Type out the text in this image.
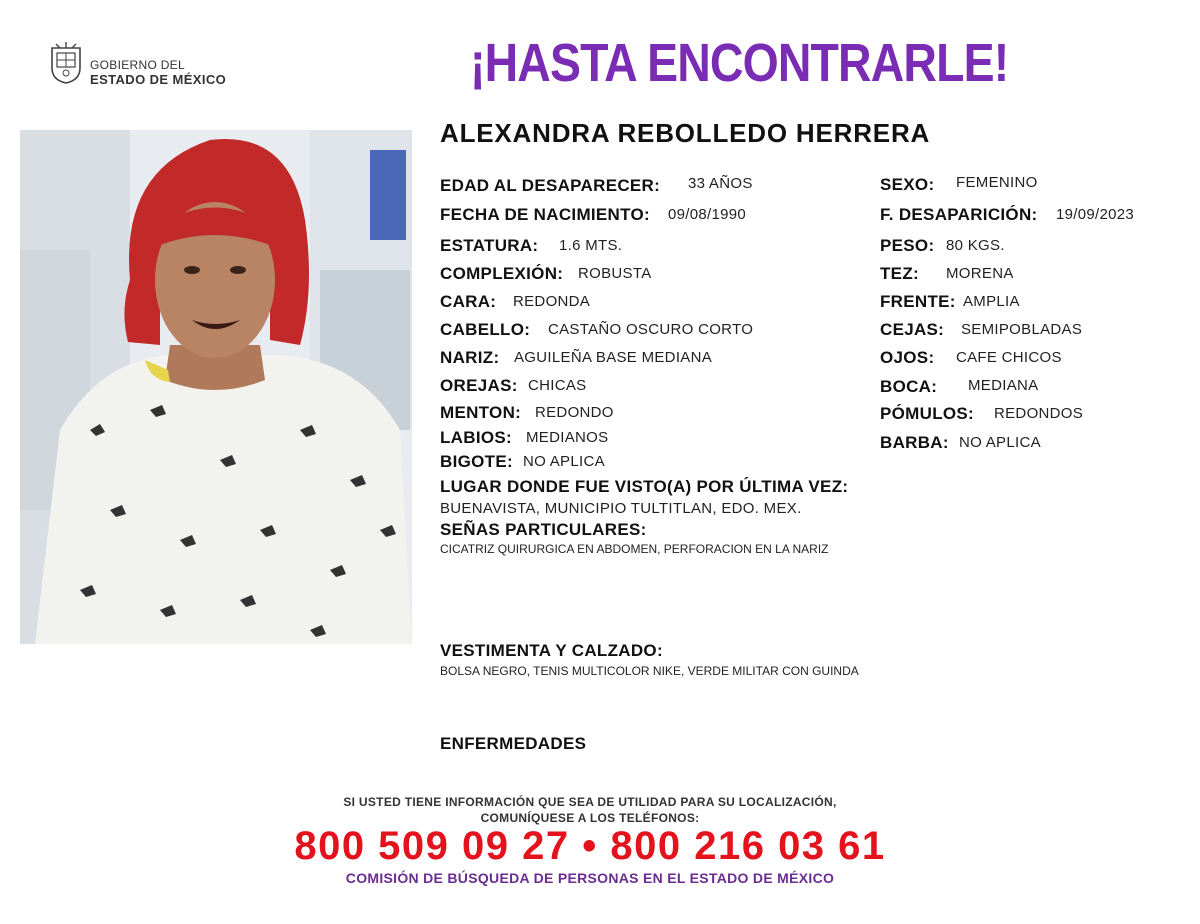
GOBIERNO DEL
ESTADO DE MÉXICO	¡HASTA ENCONTRARLE!
ALEXANDRA REBOLLEDO HERRERA
EDAD AL DESAPARECER: 33 AÑOS
FECHA DE NACIMIENTO: 09/08/1990
ESTATURA: 1.6 MTS.
COMPLEXIÓN: ROBUSTA
CARA: REDONDA
CABELLO: CASTAÑO OSCURO CORTO
NARIZ: AGUILEÑA BASE MEDIANA
OREJAS: CHICAS
MENTON: REDONDO
LABIOS: MEDIANOS
BIGOTE: NO APLICA
SEXO: FEMENINO
F. DESAPARICIÓN: 19/09/2023
PESO: 80 KGS.
TEZ: MORENA
FRENTE: AMPLIA
CEJAS: SEMIPOBLADAS
OJOS: CAFE CHICOS
BOCA: MEDIANA
PÓMULOS: REDONDOS
BARBA: NO APLICA
LUGAR DONDE FUE VISTO(A) POR ÚLTIMA VEZ:
BUENAVISTA, MUNICIPIO TULTITLAN, EDO. MEX.
SEÑAS PARTICULARES:
CICATRIZ QUIRURGICA EN ABDOMEN, PERFORACION EN LA NARIZ
VESTIMENTA Y CALZADO:
BOLSA NEGRO, TENIS MULTICOLOR NIKE, VERDE MILITAR CON GUINDA
ENFERMEDADES
SI USTED TIENE INFORMACIÓN QUE SEA DE UTILIDAD PARA SU LOCALIZACIÓN,
COMUNÍQUESE A LOS TELÉFONOS:
800 509 09 27 • 800 216 03 61
COMISIÓN DE BÚSQUEDA DE PERSONAS EN EL ESTADO DE MÉXICO
